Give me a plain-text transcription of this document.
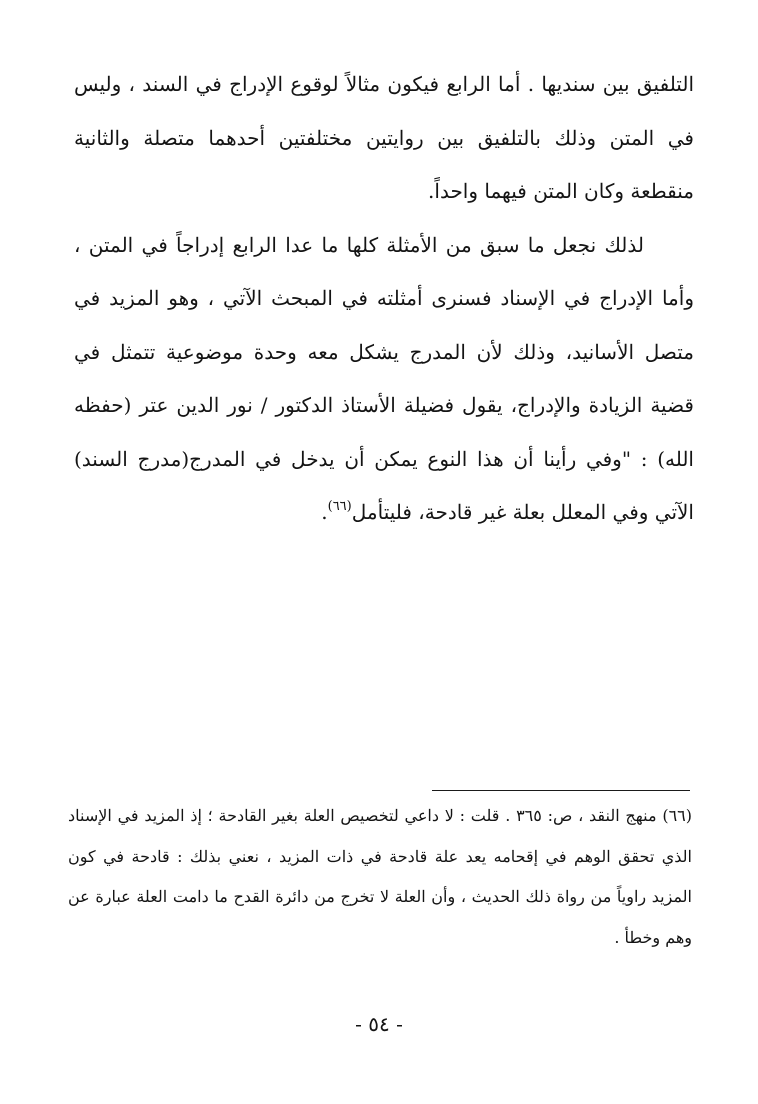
التلفيق بين سنديها . أما الرابع فيكون مثالاً لوقوع الإدراج في السند ، وليس في المتن وذلك بالتلفيق بين روايتين مختلفتين أحدهما متصلة والثانية منقطعة وكان المتن فيهما واحداً.

لذلك نجعل ما سبق من الأمثلة كلها ما عدا الرابع إدراجاً في المتن ، وأما الإدراج في الإسناد فسنرى أمثلته في المبحث الآتي ، وهو المزيد في متصل الأسانيد، وذلك لأن المدرج يشكل معه وحدة موضوعية تتمثل في قضية الزيادة والإدراج، يقول فضيلة الأستاذ الدكتور / نور الدين عتر (حفظه الله) : "وفي رأينا أن هذا النوع يمكن أن يدخل في المدرج(مدرج السند) الآتي وفي المعلل بعلة غير قادحة، فليتأمل$^{(٦٦)}$.

(٦٦) منهج النقد ، ص: ٣٦٥ . قلت : لا داعي لتخصيص العلة بغير القادحة ؛ إذ المزيد في الإسناد الذي تحقق الوهم في إقحامه يعد علة قادحة في ذات المزيد ، نعني بذلك : قادحة في كون المزيد راوياً من رواة ذلك الحديث ، وأن العلة لا تخرج من دائرة القدح ما دامت العلة عبارة عن وهم وخطأ .

- ٥٤ -
